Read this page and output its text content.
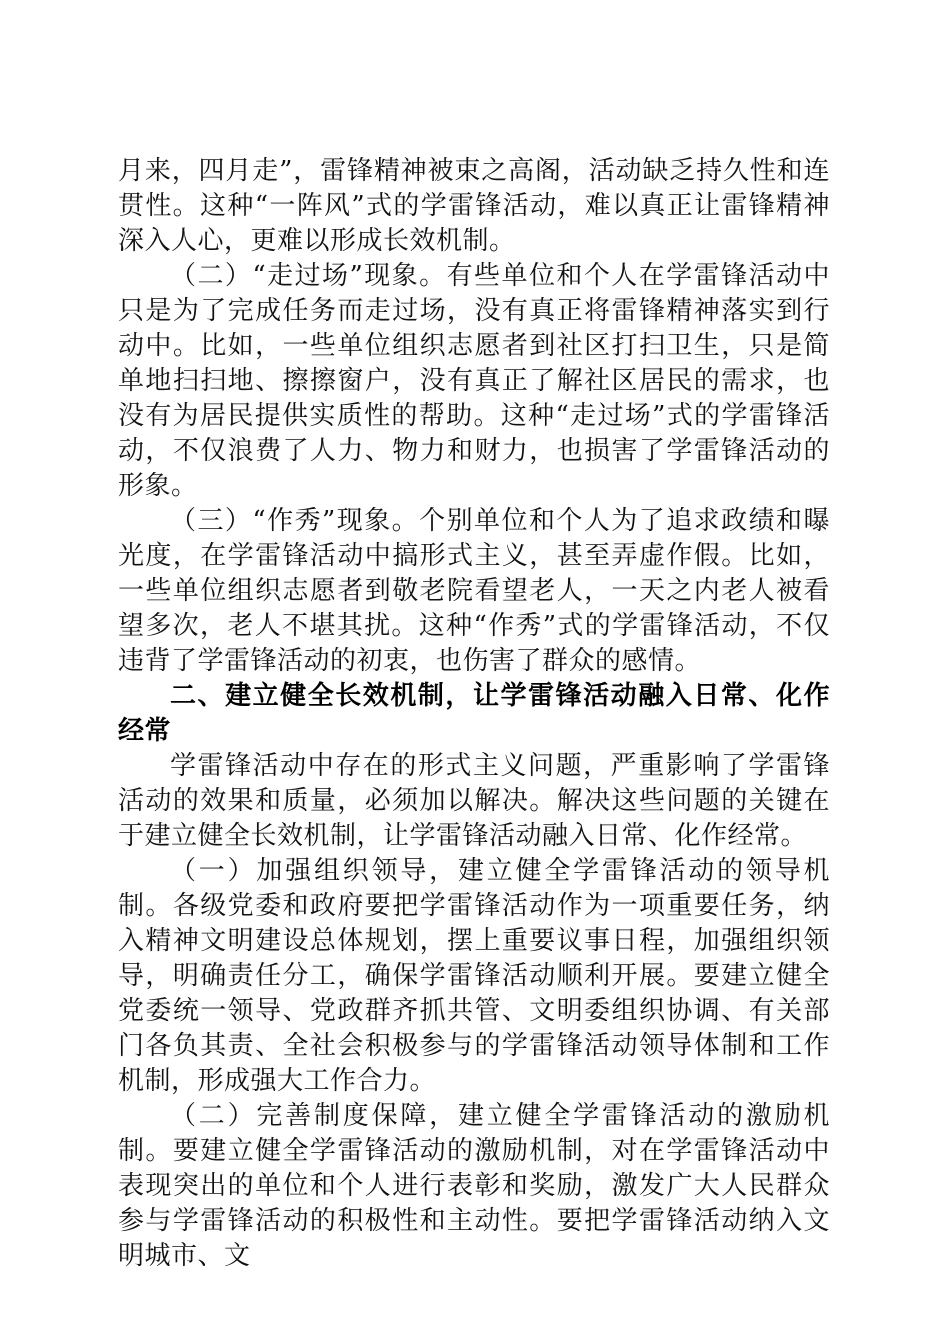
月来，四月走”，雷锋精神被束之高阁，活动缺乏持久性和连贯性。这种“一阵风”式的学雷锋活动，难以真正让雷锋精神深入人心，更难以形成长效机制。

（二）“走过场”现象。有些单位和个人在学雷锋活动中只是为了完成任务而走过场，没有真正将雷锋精神落实到行动中。比如，一些单位组织志愿者到社区打扫卫生，只是简单地扫扫地、擦擦窗户，没有真正了解社区居民的需求，也没有为居民提供实质性的帮助。这种“走过场”式的学雷锋活动，不仅浪费了人力、物力和财力，也损害了学雷锋活动的形象。

（三）“作秀”现象。个别单位和个人为了追求政绩和曝光度，在学雷锋活动中搞形式主义，甚至弄虚作假。比如，一些单位组织志愿者到敬老院看望老人，一天之内老人被看望多次，老人不堪其扰。这种“作秀”式的学雷锋活动，不仅违背了学雷锋活动的初衷，也伤害了群众的感情。

二、建立健全长效机制，让学雷锋活动融入日常、化作经常

学雷锋活动中存在的形式主义问题，严重影响了学雷锋活动的效果和质量，必须加以解决。解决这些问题的关键在于建立健全长效机制，让学雷锋活动融入日常、化作经常。

（一）加强组织领导，建立健全学雷锋活动的领导机制。各级党委和政府要把学雷锋活动作为一项重要任务，纳入精神文明建设总体规划，摆上重要议事日程，加强组织领导，明确责任分工，确保学雷锋活动顺利开展。要建立健全党委统一领导、党政群齐抓共管、文明委组织协调、有关部门各负其责、全社会积极参与的学雷锋活动领导体制和工作机制，形成强大工作合力。

（二）完善制度保障，建立健全学雷锋活动的激励机制。要建立健全学雷锋活动的激励机制，对在学雷锋活动中表现突出的单位和个人进行表彰和奖励，激发广大人民群众参与学雷锋活动的积极性和主动性。要把学雷锋活动纳入文明城市、文
